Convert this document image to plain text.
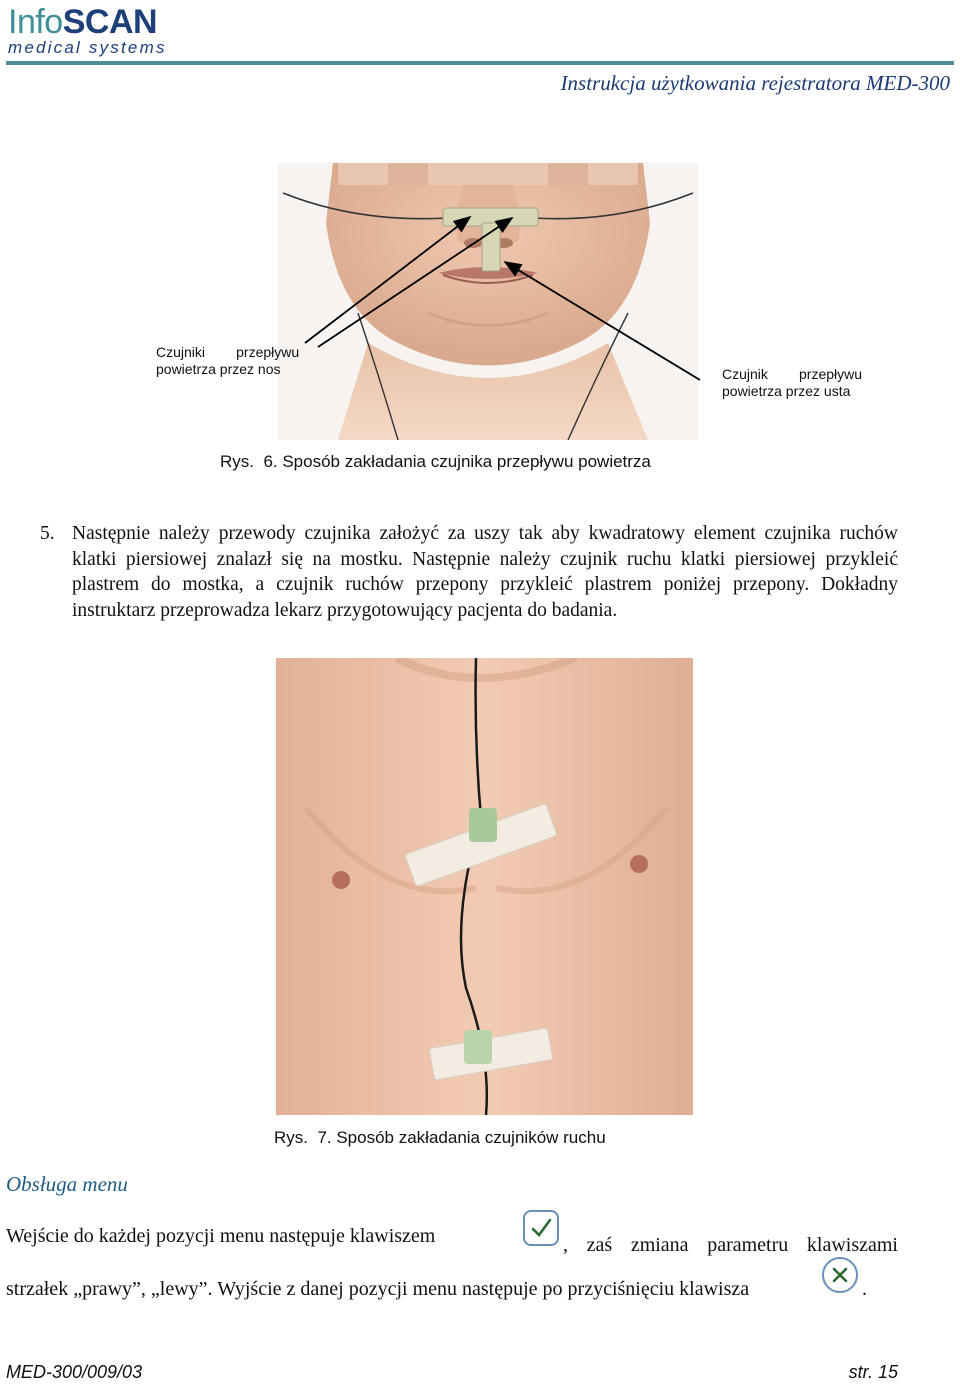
InfoSCAN
medical systems
Instrukcja użytkowania rejestratora MED-300
Czujniki        przepływu
powietrza przez nos	Czujnik        przepływu
powietrza przez usta
Rys.  6. Sposób zakładania czujnika przepływu powietrza
5. Następnie należy przewody czujnika założyć za uszy tak aby kwadratowy element czujnika ruchów klatki piersiowej znalazł się na mostku. Następnie należy czujnik ruchu klatki piersiowej przykleić plastrem do mostka, a czujnik ruchów przepony przykleić plastrem poniżej przepony. Dokładny instruktarz przeprowadza lekarz przygotowujący pacjenta do badania.
Rys.  7. Sposób zakładania czujników ruchu
Obsługa menu
Wejście do każdej pozycji menu następuje klawiszem	, zaś zmiana parametru klawiszami
strzałek „prawy”, „lewy”. Wyjście z danej pozycji menu następuje po przyciśnięciu klawisza	.
MED-300/009/03	str. 15
